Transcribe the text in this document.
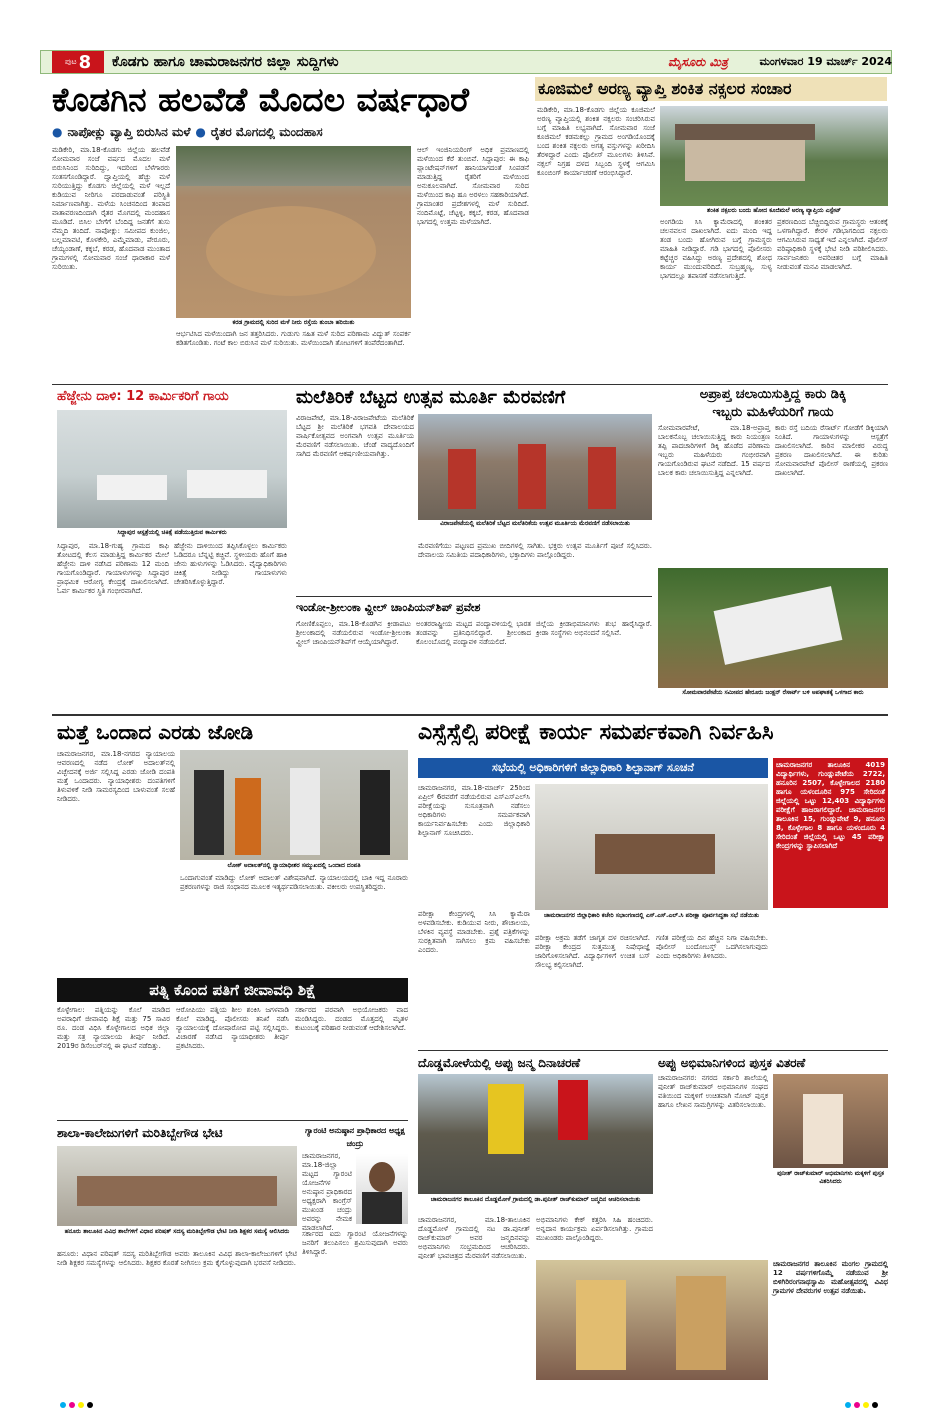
ಪುಟ 8 ಕೊಡಗು ಹಾಗೂ ಚಾಮರಾಜನಗರ ಜಿಲ್ಲಾ ಸುದ್ದಿಗಳು	ಮೈಸೂರು ಮಿತ್ರ	ಮಂಗಳವಾರ 19 ಮಾರ್ಚ್ 2024
ಕೊಡಗಿನ ಹಲವೆಡೆ ಮೊದಲ ವರ್ಷಧಾರೆ
● ನಾಪೋಕ್ಲು ವ್ಯಾಪ್ತಿ ಬಿರುಸಿನ ಮಳೆ ● ರೈತರ ಮೊಗದಲ್ಲಿ ಮಂದಹಾಸ
ಮಡಿಕೇರಿ, ಮಾ.18-ಕೊಡಗು ಜಿಲ್ಲೆಯ ಹಲವೆಡೆ ಸೋಮವಾರ ಸಂಜೆ ವರ್ಷದ ಮೊದಲ ಮಳೆ ಬಿರುಸಿನಿಂದ ಸುರಿದಿದ್ದು, ಇದರಿಂದ ಬೆಳೆಗಾರರು ಸಂತಸಗೊಂಡಿದ್ದಾರೆ. ದ್ವಾಪ್ತಿಯಲ್ಲಿ ಹೆಚ್ಚು ಮಳೆ ಸುರಿಯುತ್ತಿದ್ದು ಕೊಡಗು ಜಿಲ್ಲೆಯಲ್ಲಿ ಮಳೆ ಇಲ್ಲದೆ ಕುಡಿಯುವ ನೀರಿಗೂ ಪರದಾಡುವಂತೆ ಪರಿಸ್ಥಿತಿ ನಿರ್ಮಾಣವಾಗಿತ್ತು. ಮಳೆಯ ಸಿಂಚನದಿಂದ ತಂಪಾದ ವಾತಾವರಣದಿಂದಾಗಿ ರೈತರ ಮೊಗದಲ್ಲಿ ಮಂದಹಾಸ ಮೂಡಿದೆ. ಬಿಸಿಲ ಬೇಗೆಗೆ ಬೆಂದಿದ್ದ ಜನತೆಗೆ ತುಸು ನೆಮ್ಮದಿ ತಂದಿದೆ. ನಾಪೋಕ್ಲು: ಸಮೀಪದ ಕುಂಜಿಲ, ಬಲ್ಲಮಾವಟಿ, ಕೊಳಕೇರಿ, ಎಮ್ಮೆಮಾಡು, ಪೇರೂರು, ಚೆಯ್ಯಂಡಾಣೆ, ಕಕ್ಕಬೆ, ಕರಡ, ಹೊದವಾಡ ಮುಂತಾದ ಗ್ರಾಮಗಳಲ್ಲಿ ಸೋಮವಾರ ಸಂಜೆ ಧಾರಾಕಾರ ಮಳೆ ಸುರಿಯಿತು.
ಕರಡ ಗ್ರಾಮದಲ್ಲಿ ಸುರಿದ ಮಳೆ ನೀರು ರಸ್ತೆಯ ತುಂಬಾ ಹರಿಯಿತು
ಆರ್ಭಟಿಸಿದ ಮಳೆಯಿಂದಾಗಿ ಜನ ತತ್ತರಿಸಿದರು. ಗುಡುಗು ಸಹಿತ ಮಳೆ ಸುರಿದ ಪರಿಣಾಮ ವಿದ್ಯುತ್ ಸಂಪರ್ಕ ಕಡಿತಗೊಂಡಿತು. ಗಂಟೆ ಕಾಲ ಬಿರುಸಿನ ಮಳೆ ಸುರಿಯಿತು. ಮಳೆಯಿಂದಾಗಿ ತೋಟಗಳಿಗೆ ತಂಪೆರೆದಂತಾಗಿದೆ.
ಆಲ್ ಇಂಜಿನಿಯರಿಂಗ್ ಅಧಿಕ ಪ್ರಮಾಣದಲ್ಲಿ ಮಳೆಯಿಂದ ಕೆರೆ ತುಂಬಿವೆ. ಸಿದ್ದಾಪುರ: ಈ ಕಾಫಿ ಪ್ಲಾಂಟೇಷನ್‌ಗಳಿಗೆ ಹಾನಿಯಾಗದಂತೆ ಸಿಂಪಡನೆ ಮಾಡುತ್ತಿದ್ದ ರೈತರಿಗೆ ಮಳೆಯಿಂದ ಅನುಕೂಲವಾಗಿದೆ. ಸೋಮವಾರ ಸುರಿದ ಮಳೆಯಿಂದ ಕಾಫಿ ಹೂ ಅರಳಲು ಸಹಕಾರಿಯಾಗಿದೆ. ಗ್ರಾಮಾಂತರ ಪ್ರದೇಶಗಳಲ್ಲಿ ಮಳೆ ಸುರಿದಿದೆ. ನಂದಿಮೊಟ್ಟೆ, ಚೆಟ್ಟಳ್ಳಿ, ಕಕ್ಕಬೆ, ಕರಡ, ಹೊದವಾಡ ಭಾಗದಲ್ಲಿ ಉತ್ತಮ ಮಳೆಯಾಗಿದೆ.
ಕೂಜಿಮಲೆ ಅರಣ್ಯ ವ್ಯಾಪ್ತಿ ಶಂಕಿತ ನಕ್ಸಲರ ಸಂಚಾರ
ಮಡಿಕೇರಿ, ಮಾ.18-ಕೊಡಗು ಜಿಲ್ಲೆಯ ಕೂಜಿಮಲೆ ಅರಣ್ಯ ವ್ಯಾಪ್ತಿಯಲ್ಲಿ ಶಂಕಿತ ನಕ್ಸಲರು ಸಂಚರಿಸಿರುವ ಬಗ್ಗೆ ಮಾಹಿತಿ ಲಭ್ಯವಾಗಿದೆ. ಸೋಮವಾರ ಸಂಜೆ ಕೂಜಿಮಲೆ ಕಡಮಕಲ್ಲು ಗ್ರಾಮದ ಅಂಗಡಿಯೊಂದಕ್ಕೆ ಬಂದ ಶಂಕಿತ ನಕ್ಸಲರು ಅಗತ್ಯ ವಸ್ತುಗಳನ್ನು ಖರೀದಿಸಿ ತೆರಳಿದ್ದಾರೆ ಎಂದು ಪೊಲೀಸ್ ಮೂಲಗಳು ತಿಳಿಸಿವೆ. ನಕ್ಸಲ್ ನಿಗ್ರಹ ದಳದ ಸಿಬ್ಬಂದಿ ಸ್ಥಳಕ್ಕೆ ಆಗಮಿಸಿ ಕೂಂಬಿಂಗ್ ಕಾರ್ಯಾಚರಣೆ ಆರಂಭಿಸಿದ್ದಾರೆ.
ಶಂಕಿತ ನಕ್ಸಲರು ಬಂದು ಹೋದ ಕೂಜಿಮಲೆ ಅರಣ್ಯ ವ್ಯಾಪ್ತಿಯ ಎಸ್ಟೇಟ್
ಅಂಗಡಿಯ ಸಿಸಿ ಕ್ಯಾಮೆರಾದಲ್ಲಿ ಶಂಕಿತರ ಚಲನವಲನ ದಾಖಲಾಗಿದೆ. ಐದು ಮಂದಿ ಇದ್ದ ತಂಡ ಬಂದು ಹೋಗಿರುವ ಬಗ್ಗೆ ಗ್ರಾಮಸ್ಥರು ಮಾಹಿತಿ ನೀಡಿದ್ದಾರೆ. ಗಡಿ ಭಾಗದಲ್ಲಿ ಪೊಲೀಸರು ಕಟ್ಟೆಚ್ಚರ ವಹಿಸಿದ್ದು ಅರಣ್ಯ ಪ್ರದೇಶದಲ್ಲಿ ಶೋಧ ಕಾರ್ಯ ಮುಂದುವರಿದಿದೆ. ಸುಬ್ರಹ್ಮಣ್ಯ, ಸುಳ್ಯ ಭಾಗದಲ್ಲೂ ತಪಾಸಣೆ ನಡೆಸಲಾಗುತ್ತಿದೆ.
ಪ್ರಕರಣದಿಂದ ಬೆಚ್ಚಿಬಿದ್ದಿರುವ ಗ್ರಾಮಸ್ಥರು ಆತಂಕಕ್ಕೆ ಒಳಗಾಗಿದ್ದಾರೆ. ಕೇರಳ ಗಡಿಭಾಗದಿಂದ ನಕ್ಸಲರು ಆಗಮಿಸಿರುವ ಸಾಧ್ಯತೆ ಇದೆ ಎನ್ನಲಾಗಿದೆ. ಪೊಲೀಸ್ ವರಿಷ್ಠಾಧಿಕಾರಿ ಸ್ಥಳಕ್ಕೆ ಭೇಟಿ ನೀಡಿ ಪರಿಶೀಲಿಸಿದರು. ಸಾರ್ವಜನಿಕರು ಅಪರಿಚಿತರ ಬಗ್ಗೆ ಮಾಹಿತಿ ನೀಡುವಂತೆ ಮನವಿ ಮಾಡಲಾಗಿದೆ.
ಹೆಜ್ಜೇನು ದಾಳಿ: 12 ಕಾರ್ಮಿಕರಿಗೆ ಗಾಯ
ಸಿದ್ದಾಪುರ ಆಸ್ಪತ್ರೆಯಲ್ಲಿ ಚಿಕಿತ್ಸೆ ಪಡೆಯುತ್ತಿರುವ ಕಾರ್ಮಿಕರು
ಸಿದ್ದಾಪುರ, ಮಾ.18-ಗುಹ್ಯ ಗ್ರಾಮದ ಕಾಫಿ ತೋಟದಲ್ಲಿ ಕೆಲಸ ಮಾಡುತ್ತಿದ್ದ ಕಾರ್ಮಿಕರ ಮೇಲೆ ಹೆಜ್ಜೇನು ದಾಳಿ ನಡೆಸಿದ ಪರಿಣಾಮ 12 ಮಂದಿ ಗಾಯಗೊಂಡಿದ್ದಾರೆ. ಗಾಯಾಳುಗಳನ್ನು ಸಿದ್ದಾಪುರ ಪ್ರಾಥಮಿಕ ಆರೋಗ್ಯ ಕೇಂದ್ರಕ್ಕೆ ದಾಖಲಿಸಲಾಗಿದೆ. ಓರ್ವ ಕಾರ್ಮಿಕರ ಸ್ಥಿತಿ ಗಂಭೀರವಾಗಿದೆ.
ಹೆಜ್ಜೇನು ದಾಳಿಯಿಂದ ತಪ್ಪಿಸಿಕೊಳ್ಳಲು ಕಾರ್ಮಿಕರು ಓಡಿದರೂ ಬೆನ್ನಟ್ಟಿ ಕಚ್ಚಿವೆ. ಸ್ಥಳೀಯರು ಹೊಗೆ ಹಾಕಿ ಜೇನು ಹುಳುಗಳನ್ನು ಓಡಿಸಿದರು. ವೈದ್ಯಾಧಿಕಾರಿಗಳು ಚಿಕಿತ್ಸೆ ನೀಡಿದ್ದು ಗಾಯಾಳುಗಳು ಚೇತರಿಸಿಕೊಳ್ಳುತ್ತಿದ್ದಾರೆ.
ಮಲೆತಿರಿಕೆ ಬೆಟ್ಟದ ಉತ್ಸವ ಮೂರ್ತಿ ಮೆರವಣಿಗೆ
ವಿರಾಜಪೇಟೆ, ಮಾ.18-ವಿರಾಜಪೇಟೆಯ ಮಲೆತಿರಿಕೆ ಬೆಟ್ಟದ ಶ್ರೀ ಮಲೆತಿರಿಕೆ ಭಗವತಿ ದೇವಾಲಯದ ವಾರ್ಷಿಕೋತ್ಸವದ ಅಂಗವಾಗಿ ಉತ್ಸವ ಮೂರ್ತಿಯ ಮೆರವಣಿಗೆ ನಡೆಸಲಾಯಿತು. ಚೆಂಡೆ ವಾದ್ಯದೊಂದಿಗೆ ಸಾಗಿದ ಮೆರವಣಿಗೆ ಆಕರ್ಷಣೀಯವಾಗಿತ್ತು.
ವಿರಾಜಪೇಟೆಯಲ್ಲಿ ಮಲೆತಿರಿಕೆ ಬೆಟ್ಟದ ಮಲೆತಿರಿಕೆಯ ಉತ್ಸವ ಮೂರ್ತಿಯ ಮೆರವಣಿಗೆ ನಡೆಸಲಾಯಿತು
ಮೆರವಣಿಗೆಯು ಪಟ್ಟಣದ ಪ್ರಮುಖ ಬೀದಿಗಳಲ್ಲಿ ಸಾಗಿತು. ಭಕ್ತರು ಉತ್ಸವ ಮೂರ್ತಿಗೆ ಪೂಜೆ ಸಲ್ಲಿಸಿದರು. ದೇವಾಲಯ ಸಮಿತಿಯ ಪದಾಧಿಕಾರಿಗಳು, ಭಕ್ತಾದಿಗಳು ಪಾಲ್ಗೊಂಡಿದ್ದರು.
ಇಂಡೋ-ಶ್ರೀಲಂಕಾ ವ್ಹೀಲ್ ಚಾಂಪಿಯನ್‌ಶಿಪ್ ಪ್ರವೇಶ
ಗೋಣಿಕೊಪ್ಪಲು, ಮಾ.18-ಕೊಡಗಿನ ಕ್ರೀಡಾಪಟು ಶ್ರೀಲಂಕಾದಲ್ಲಿ ನಡೆಯಲಿರುವ ಇಂಡೋ-ಶ್ರೀಲಂಕಾ ವ್ಹೀಲ್ ಚಾಂಪಿಯನ್‌ಶಿಪ್‌ಗೆ ಆಯ್ಕೆಯಾಗಿದ್ದಾರೆ.
ಅಂತರರಾಷ್ಟ್ರೀಯ ಮಟ್ಟದ ಪಂದ್ಯಾವಳಿಯಲ್ಲಿ ಭಾರತ ತಂಡವನ್ನು ಪ್ರತಿನಿಧಿಸಲಿದ್ದಾರೆ. ಶ್ರೀಲಂಕಾದ ಕೊಲಂಬೊದಲ್ಲಿ ಪಂದ್ಯಾವಳಿ ನಡೆಯಲಿದೆ.
ಜಿಲ್ಲೆಯ ಕ್ರೀಡಾಭಿಮಾನಿಗಳು ಶುಭ ಹಾರೈಸಿದ್ದಾರೆ. ಕ್ರೀಡಾ ಸಂಸ್ಥೆಗಳು ಅಭಿನಂದನೆ ಸಲ್ಲಿಸಿವೆ.
ಅಪ್ರಾಪ್ತ ಚಲಾಯಿಸುತ್ತಿದ್ದ ಕಾರು ಡಿಕ್ಕಿ
ಇಬ್ಬರು ಮಹಿಳೆಯರಿಗೆ ಗಾಯ
ಸೋಮವಾರಪೇಟೆ, ಮಾ.18-ಅಪ್ರಾಪ್ತ ಬಾಲಕನೊಬ್ಬ ಚಲಾಯಿಸುತ್ತಿದ್ದ ಕಾರು ನಿಯಂತ್ರಣ ತಪ್ಪಿ ಪಾದಚಾರಿಗಳಿಗೆ ಡಿಕ್ಕಿ ಹೊಡೆದ ಪರಿಣಾಮ ಇಬ್ಬರು ಮಹಿಳೆಯರು ಗಂಭೀರವಾಗಿ ಗಾಯಗೊಂಡಿರುವ ಘಟನೆ ನಡೆದಿದೆ. 15 ವರ್ಷದ ಬಾಲಕ ಕಾರು ಚಲಾಯಿಸುತ್ತಿದ್ದ ಎನ್ನಲಾಗಿದೆ.
ಕಾರು ರಸ್ತೆ ಬದಿಯ ರೆಸಾರ್ಟ್ ಗೋಡೆಗೆ ಡಿಕ್ಕಿಯಾಗಿ ನಿಂತಿದೆ. ಗಾಯಾಳುಗಳನ್ನು ಆಸ್ಪತ್ರೆಗೆ ದಾಖಲಿಸಲಾಗಿದೆ. ಕಾರಿನ ಮಾಲೀಕರ ವಿರುದ್ಧ ಪ್ರಕರಣ ದಾಖಲಿಸಲಾಗಿದೆ. ಈ ಕುರಿತು ಸೋಮವಾರಪೇಟೆ ಪೊಲೀಸ್ ಠಾಣೆಯಲ್ಲಿ ಪ್ರಕರಣ ದಾಖಲಾಗಿದೆ.
ಸೋಮವಾರಪೇಟೆಯ ಸಮೀಪದ ಹೇರೂರು ಜಂಕ್ಷನ್ ರೆಸಾರ್ಟ್ ಬಳಿ ಅಪಘಾತಕ್ಕೆ ಒಳಗಾದ ಕಾರು
ಮತ್ತೆ ಒಂದಾದ ಎರಡು ಜೋಡಿ
ಚಾಮರಾಜನಗರ, ಮಾ.18-ನಗರದ ನ್ಯಾಯಾಲಯ ಆವರಣದಲ್ಲಿ ನಡೆದ ಲೋಕ್ ಅದಾಲತ್‌ನಲ್ಲಿ ವಿಚ್ಛೇದನಕ್ಕೆ ಅರ್ಜಿ ಸಲ್ಲಿಸಿದ್ದ ಎರಡು ಜೋಡಿ ದಂಪತಿ ಮತ್ತೆ ಒಂದಾದರು. ನ್ಯಾಯಾಧೀಶರು ದಂಪತಿಗಳಿಗೆ ತಿಳುವಳಿಕೆ ನೀಡಿ ಸಾಮರಸ್ಯದಿಂದ ಬಾಳುವಂತೆ ಸಲಹೆ ನೀಡಿದರು.
ಲೋಕ್ ಅದಾಲತ್‌ನಲ್ಲಿ ನ್ಯಾಯಾಧೀಶರ ಸಮ್ಮುಖದಲ್ಲಿ ಒಂದಾದ ದಂಪತಿ
ಒಂದಾಗುವಂತೆ ಮಾಡಿದ್ದು ಲೋಕ್ ಅದಾಲತ್ ವಿಶೇಷವಾಗಿದೆ. ನ್ಯಾಯಾಲಯದಲ್ಲಿ ಬಾಕಿ ಇದ್ದ ನೂರಾರು ಪ್ರಕರಣಗಳನ್ನು ರಾಜಿ ಸಂಧಾನದ ಮೂಲಕ ಇತ್ಯರ್ಥಪಡಿಸಲಾಯಿತು. ವಕೀಲರು ಉಪಸ್ಥಿತರಿದ್ದರು.
ಪತ್ನಿ ಕೊಂದ ಪತಿಗೆ ಜೀವಾವಧಿ ಶಿಕ್ಷೆ
ಕೊಳ್ಳೇಗಾಲ: ಪತ್ನಿಯನ್ನು ಕೊಲೆ ಮಾಡಿದ ಅಪರಾಧಿಗೆ ಜೀವಾವಧಿ ಶಿಕ್ಷೆ ಮತ್ತು 75 ಸಾವಿರ ರೂ. ದಂಡ ವಿಧಿಸಿ ಕೊಳ್ಳೇಗಾಲದ ಅಧಿಕ ಜಿಲ್ಲಾ ಮತ್ತು ಸತ್ರ ನ್ಯಾಯಾಲಯ ತೀರ್ಪು ನೀಡಿದೆ. 2019ರ ಡಿಸೆಂಬರ್‌ನಲ್ಲಿ ಈ ಘಟನೆ ನಡೆದಿತ್ತು.
ಆರೋಪಿಯು ಪತ್ನಿಯ ಶೀಲ ಶಂಕಿಸಿ ಜಗಳವಾಡಿ ಕೊಲೆ ಮಾಡಿದ್ದ. ಪೊಲೀಸರು ತನಿಖೆ ನಡೆಸಿ ನ್ಯಾಯಾಲಯಕ್ಕೆ ದೋಷಾರೋಪ ಪಟ್ಟಿ ಸಲ್ಲಿಸಿದ್ದರು. ವಿಚಾರಣೆ ನಡೆಸಿದ ನ್ಯಾಯಾಧೀಶರು ತೀರ್ಪು ಪ್ರಕಟಿಸಿದರು.
ಸರ್ಕಾರದ ಪರವಾಗಿ ಅಭಿಯೋಜಕರು ವಾದ ಮಂಡಿಸಿದ್ದರು. ದಂಡದ ಮೊತ್ತದಲ್ಲಿ ಮೃತಳ ಕುಟುಂಬಕ್ಕೆ ಪರಿಹಾರ ನೀಡುವಂತೆ ಆದೇಶಿಸಲಾಗಿದೆ.
ಶಾಲಾ-ಕಾಲೇಜುಗಳಿಗೆ ಮರಿತಿಬ್ಬೇಗೌಡ ಭೇಟಿ
ಹನೂರು ತಾಲೂಕಿನ ವಿವಿಧ ಶಾಲೆಗಳಿಗೆ ವಿಧಾನ ಪರಿಷತ್ ಸದಸ್ಯ ಮರಿತಿಬ್ಬೇಗೌಡ ಭೇಟಿ ನೀಡಿ ಶಿಕ್ಷಕರ ಸಮಸ್ಯೆ ಆಲಿಸಿದರು
ಹನೂರು: ವಿಧಾನ ಪರಿಷತ್ ಸದಸ್ಯ ಮರಿತಿಬ್ಬೇಗೌಡ ಅವರು ತಾಲೂಕಿನ ವಿವಿಧ ಶಾಲಾ-ಕಾಲೇಜುಗಳಿಗೆ ಭೇಟಿ ನೀಡಿ ಶಿಕ್ಷಕರ ಸಮಸ್ಯೆಗಳನ್ನು ಆಲಿಸಿದರು. ಶಿಕ್ಷಕರ ಕೊರತೆ ನೀಗಿಸಲು ಕ್ರಮ ಕೈಗೊಳ್ಳುವುದಾಗಿ ಭರವಸೆ ನೀಡಿದರು.
ಗ್ಯಾರಂಟಿ ಅನುಷ್ಠಾನ ಪ್ರಾಧಿಕಾರದ ಅಧ್ಯಕ್ಷ ಚಂದ್ರು
ಚಾಮರಾಜನಗರ, ಮಾ.18-ಜಿಲ್ಲಾ ಮಟ್ಟದ ಗ್ಯಾರಂಟಿ ಯೋಜನೆಗಳ ಅನುಷ್ಠಾನ ಪ್ರಾಧಿಕಾರದ ಅಧ್ಯಕ್ಷರಾಗಿ ಕಾಂಗ್ರೆಸ್ ಮುಖಂಡ ಚಂದ್ರು ಅವರನ್ನು ನೇಮಕ ಮಾಡಲಾಗಿದೆ.
ಸರ್ಕಾರದ ಐದು ಗ್ಯಾರಂಟಿ ಯೋಜನೆಗಳನ್ನು ಜನರಿಗೆ ತಲುಪಿಸಲು ಶ್ರಮಿಸುವುದಾಗಿ ಅವರು ತಿಳಿಸಿದ್ದಾರೆ.
ಎಸ್ಸೆಸ್ಸೆಲ್ಸಿ ಪರೀಕ್ಷೆ ಕಾರ್ಯ ಸಮರ್ಪಕವಾಗಿ ನಿರ್ವಹಿಸಿ
ಸಭೆಯಲ್ಲಿ ಅಧಿಕಾರಿಗಳಿಗೆ ಜಿಲ್ಲಾಧಿಕಾರಿ ಶಿಲ್ಪಾನಾಗ್ ಸೂಚನೆ	ಚಾಮರಾಜನಗರ ತಾಲೂಕಿನ 4019 ವಿದ್ಯಾರ್ಥಿಗಳು, ಗುಂಡ್ಲುಪೇಟೆಯ 2722, ಹನೂರಿನ 2507, ಕೊಳ್ಳೇಗಾಲದ 2180 ಹಾಗೂ ಯಳಂದೂರಿನ 975 ಸೇರಿದಂತೆ ಜಿಲ್ಲೆಯಲ್ಲಿ ಒಟ್ಟು 12,403 ವಿದ್ಯಾರ್ಥಿಗಳು ಪರೀಕ್ಷೆಗೆ ಹಾಜರಾಗಲಿದ್ದಾರೆ. ಚಾಮರಾಜನಗರ ತಾಲೂಕಿನ 15, ಗುಂಡ್ಲುಪೇಟೆ 9, ಹನೂರು 8, ಕೊಳ್ಳೇಗಾಲ 8 ಹಾಗೂ ಯಳಂದೂರು 4 ಸೇರಿದಂತೆ ಜಿಲ್ಲೆಯಲ್ಲಿ ಒಟ್ಟು 45 ಪರೀಕ್ಷಾ ಕೇಂದ್ರಗಳನ್ನು ಸ್ಥಾಪಿಸಲಾಗಿದೆ
ಚಾಮರಾಜನಗರ, ಮಾ.18-ಮಾರ್ಚ್ 25ರಿಂದ ಏಪ್ರಿಲ್ 6ರವರೆಗೆ ನಡೆಯಲಿರುವ ಎಸ್‌ಎಸ್‌ಎಲ್‌ಸಿ ಪರೀಕ್ಷೆಯನ್ನು ಸುಸೂತ್ರವಾಗಿ ನಡೆಸಲು ಅಧಿಕಾರಿಗಳು ಸಮರ್ಪಕವಾಗಿ ಕಾರ್ಯನಿರ್ವಹಿಸಬೇಕು ಎಂದು ಜಿಲ್ಲಾಧಿಕಾರಿ ಶಿಲ್ಪಾನಾಗ್ ಸೂಚಿಸಿದರು.
ಚಾಮರಾಜನಗರ ಜಿಲ್ಲಾಧಿಕಾರಿ ಕಚೇರಿ ಸಭಾಂಗಣದಲ್ಲಿ ಎಸ್.ಎಸ್.ಎಲ್.ಸಿ ಪರೀಕ್ಷಾ ಪೂರ್ವಸಿದ್ಧತಾ ಸಭೆ ನಡೆಯಿತು
ಪರೀಕ್ಷಾ ಕೇಂದ್ರಗಳಲ್ಲಿ ಸಿಸಿ ಕ್ಯಾಮೆರಾ ಅಳವಡಿಸಬೇಕು. ಕುಡಿಯುವ ನೀರು, ಶೌಚಾಲಯ, ಬೆಳಕಿನ ವ್ಯವಸ್ಥೆ ಮಾಡಬೇಕು. ಪ್ರಶ್ನೆ ಪತ್ರಿಕೆಗಳನ್ನು ಸುರಕ್ಷಿತವಾಗಿ ಸಾಗಿಸಲು ಕ್ರಮ ವಹಿಸಬೇಕು ಎಂದರು.
ಪರೀಕ್ಷಾ ಅಕ್ರಮ ತಡೆಗೆ ಜಾಗೃತ ದಳ ರಚಿಸಲಾಗಿದೆ. ಪರೀಕ್ಷಾ ಕೇಂದ್ರದ ಸುತ್ತಮುತ್ತ ನಿಷೇಧಾಜ್ಞೆ ಜಾರಿಗೊಳಿಸಲಾಗಿದೆ. ವಿದ್ಯಾರ್ಥಿಗಳಿಗೆ ಉಚಿತ ಬಸ್ ಸೌಲಭ್ಯ ಕಲ್ಪಿಸಲಾಗಿದೆ.
ಗಣಿತ ಪರೀಕ್ಷೆಯ ದಿನ ಹೆಚ್ಚಿನ ನಿಗಾ ವಹಿಸಬೇಕು. ಪೊಲೀಸ್ ಬಂದೋಬಸ್ತ್ ಒದಗಿಸಲಾಗುವುದು ಎಂದು ಅಧಿಕಾರಿಗಳು ತಿಳಿಸಿದರು.
ದೊಡ್ಡಮೋಳೆಯಲ್ಲಿ ಅಪ್ಪು ಜನ್ಮ ದಿನಾಚರಣೆ
ಚಾಮರಾಜನಗರ ತಾಲೂಕಿನ ದೊಡ್ಡಮೋಳೆ ಗ್ರಾಮದಲ್ಲಿ ಡಾ.ಪುನೀತ್ ರಾಜ್‌ಕುಮಾರ್ ಜನ್ಮದಿನ ಆಚರಿಸಲಾಯಿತು
ಚಾಮರಾಜನಗರ, ಮಾ.18-ತಾಲೂಕಿನ ದೊಡ್ಡಮೋಳೆ ಗ್ರಾಮದಲ್ಲಿ ನಟ ಡಾ.ಪುನೀತ್ ರಾಜ್‌ಕುಮಾರ್ ಅವರ ಜನ್ಮದಿನವನ್ನು ಅಭಿಮಾನಿಗಳು ಸಂಭ್ರಮದಿಂದ ಆಚರಿಸಿದರು. ಪುನೀತ್ ಭಾವಚಿತ್ರದ ಮೆರವಣಿಗೆ ನಡೆಸಲಾಯಿತು.
ಅಭಿಮಾನಿಗಳು ಕೇಕ್ ಕತ್ತರಿಸಿ ಸಿಹಿ ಹಂಚಿದರು. ಅನ್ನದಾನ ಕಾರ್ಯಕ್ರಮ ಏರ್ಪಡಿಸಲಾಗಿತ್ತು. ಗ್ರಾಮದ ಮುಖಂಡರು ಪಾಲ್ಗೊಂಡಿದ್ದರು.
ಅಪ್ಪು ಅಭಿಮಾನಿಗಳಿಂದ ಪುಸ್ತಕ ವಿತರಣೆ
ಚಾಮರಾಜನಗರ: ನಗರದ ಸರ್ಕಾರಿ ಶಾಲೆಯಲ್ಲಿ ಪುನೀತ್ ರಾಜ್‌ಕುಮಾರ್ ಅಭಿಮಾನಿಗಳ ಸಂಘದ ವತಿಯಿಂದ ಮಕ್ಕಳಿಗೆ ಉಚಿತವಾಗಿ ನೋಟ್ ಪುಸ್ತಕ ಹಾಗೂ ಲೇಖನ ಸಾಮಗ್ರಿಗಳನ್ನು ವಿತರಿಸಲಾಯಿತು.
ಪುನೀತ್ ರಾಜ್‌ಕುಮಾರ್ ಅಭಿಮಾನಿಗಳು ಮಕ್ಕಳಿಗೆ ಪುಸ್ತಕ ವಿತರಿಸಿದರು
ಚಾಮರಾಜನಗರ ತಾಲೂಕಿನ ಮಂಗಲ ಗ್ರಾಮದಲ್ಲಿ 12 ವರ್ಷಗಳಿಗೊಮ್ಮೆ ನಡೆಯುವ ಶ್ರೀ ಬಿಳಿಗಿರಿರಂಗನಾಥಸ್ವಾಮಿ ಮಹೋತ್ಸವದಲ್ಲಿ ವಿವಿಧ ಗ್ರಾಮಗಳ ದೇವರುಗಳ ಉತ್ಸವ ನಡೆಯಿತು.
